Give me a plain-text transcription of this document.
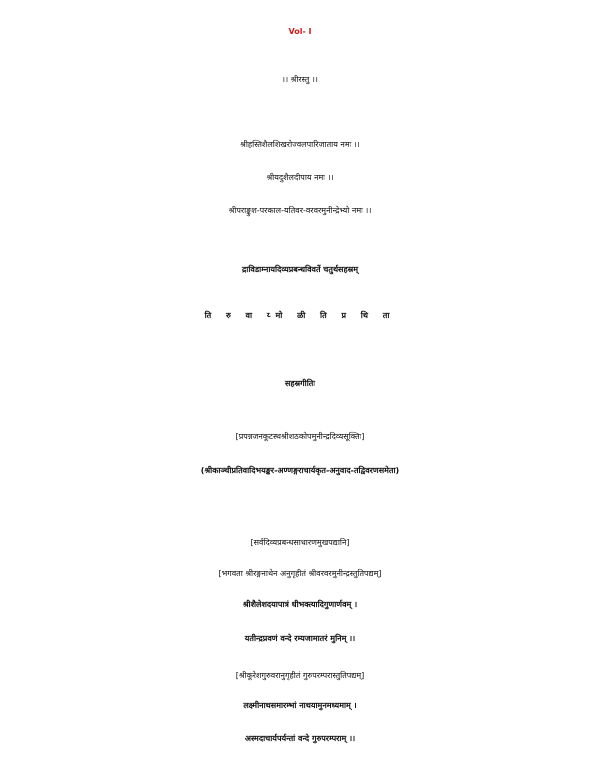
Vol- I
।। श्रीरस्तु ।।
श्रीहस्तिशैलशिखरोज्वलपारिजाताय नमः ।।
श्रीयदुशैलदीपाय नमः ।।
श्रीपराङ्कुश-परकाल-यतिवर-वरवरमुनीन्द्रेभ्यो नमः ।।
द्राविडाम्नायदिव्यप्रबन्धविवर्ते चतुर्थसहस्रम्
ति रु वा य्मो ळी ति प्र थि ता
सहस्रगीतिः
[प्रपन्नजनकूटस्थश्रीशठकोपमुनीन्द्रदिव्यसूक्तिः]
(श्रीकाञ्चीप्रतिवादिभयङ्कर-अण्णङ्गराचार्यकृत-अनुवाद-तद्विवरणसमेता)
[सर्वदिव्यप्रबन्धसाधारणमुखपद्यानि]
[भगवता श्रीरङ्गनाथेन अनुगृहीतं श्रीवरवरमुनीन्द्रस्तुतिपद्यम्]
श्रीशैलेशदयापात्रं धीभक्त्यादिगुणार्णवम् ।
यतीन्द्रप्रवणं वन्दे रम्यजामातरं मुनिम् ।।
[श्रीकूरेशगुरुवरानुगृहीतं गुरुपरम्परास्तुतिपद्यम्]
लक्ष्मीनाथसमारम्भां नाथयामुनमध्यमाम् ।
अस्मदाचार्यपर्यन्तां वन्दे गुरुपरम्पराम् ।।
